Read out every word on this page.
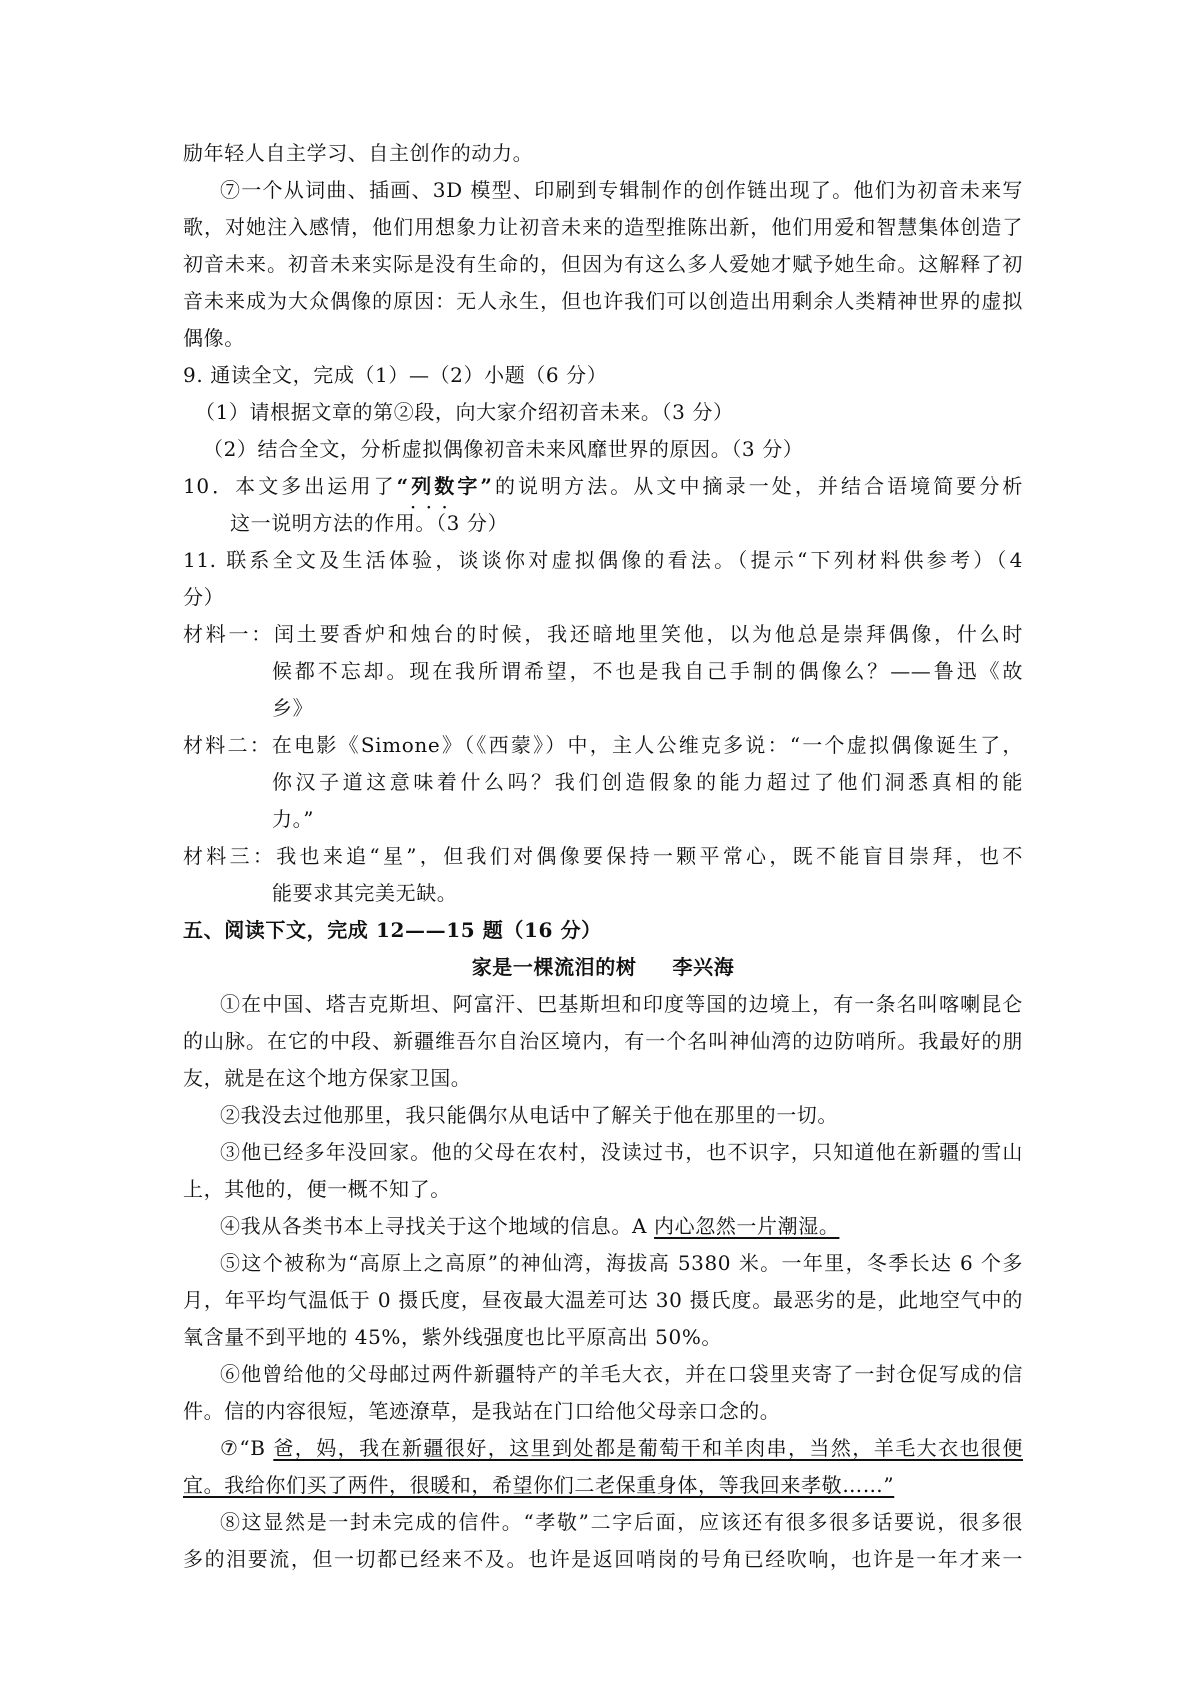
励年轻人自主学习、自主创作的动力。
⑦一个从词曲、插画、3D 模型、印刷到专辑制作的创作链出现了。他们为初音未来写
歌，对她注入感情，他们用想象力让初音未来的造型推陈出新，他们用爱和智慧集体创造了
初音未来。初音未来实际是没有生命的，但因为有这么多人爱她才赋予她生命。这解释了初
音未来成为大众偶像的原因：无人永生，但也许我们可以创造出用剩余人类精神世界的虚拟
偶像。
9. 通读全文，完成（1）—（2）小题（6 分）
（1）请根据文章的第②段，向大家介绍初音未来。（3 分）
（2）结合全文，分析虚拟偶像初音未来风靡世界的原因。（3 分）
10．本文多出运用了“列数字” · · ·的说明方法。从文中摘录一处，并结合语境简要分析
这一说明方法的作用。（3 分）
11. 联系全文及生活体验，谈谈你对虚拟偶像的看法。（提示“下列材料供参考）（4
分）
材料一：闰土要香炉和烛台的时候，我还暗地里笑他，以为他总是崇拜偶像，什么时
候都不忘却。现在我所谓希望，不也是我自己手制的偶像么？——鲁迅《故
乡》
材料二：在电影《Simone》（《西蒙》）中，主人公维克多说：“一个虚拟偶像诞生了，
你汉子道这意味着什么吗？我们创造假象的能力超过了他们洞悉真相的能
力。”
材料三：我也来追“星”，但我们对偶像要保持一颗平常心，既不能盲目崇拜，也不
能要求其完美无缺。
五、阅读下文，完成 12——15 题（16 分）
家是一棵流泪的树 李兴海
①在中国、塔吉克斯坦、阿富汗、巴基斯坦和印度等国的边境上，有一条名叫喀喇昆仑
的山脉。在它的中段、新疆维吾尔自治区境内，有一个名叫神仙湾的边防哨所。我最好的朋
友，就是在这个地方保家卫国。
②我没去过他那里，我只能偶尔从电话中了解关于他在那里的一切。
③他已经多年没回家。他的父母在农村，没读过书，也不识字，只知道他在新疆的雪山
上，其他的，便一概不知了。
④我从各类书本上寻找关于这个地域的信息。A 内心忽然一片潮湿。
⑤这个被称为“高原上之高原”的神仙湾，海拔高 5380 米。一年里，冬季长达 6 个多
月，年平均气温低于 0 摄氏度，昼夜最大温差可达 30 摄氏度。最恶劣的是，此地空气中的
氧含量不到平地的 45%，紫外线强度也比平原高出 50%。
⑥他曾给他的父母邮过两件新疆特产的羊毛大衣，并在口袋里夹寄了一封仓促写成的信
件。信的内容很短，笔迹潦草，是我站在门口给他父母亲口念的。
⑦“B 爸，妈，我在新疆很好，这里到处都是葡萄干和羊肉串，当然，羊毛大衣也很便
宜。我给你们买了两件，很暖和，希望你们二老保重身体，等我回来孝敬……”
⑧这显然是一封未完成的信件。“孝敬”二字后面，应该还有很多很多话要说，很多很
多的泪要流，但一切都已经来不及。也许是返回哨岗的号角已经吹响，也许是一年才来一
